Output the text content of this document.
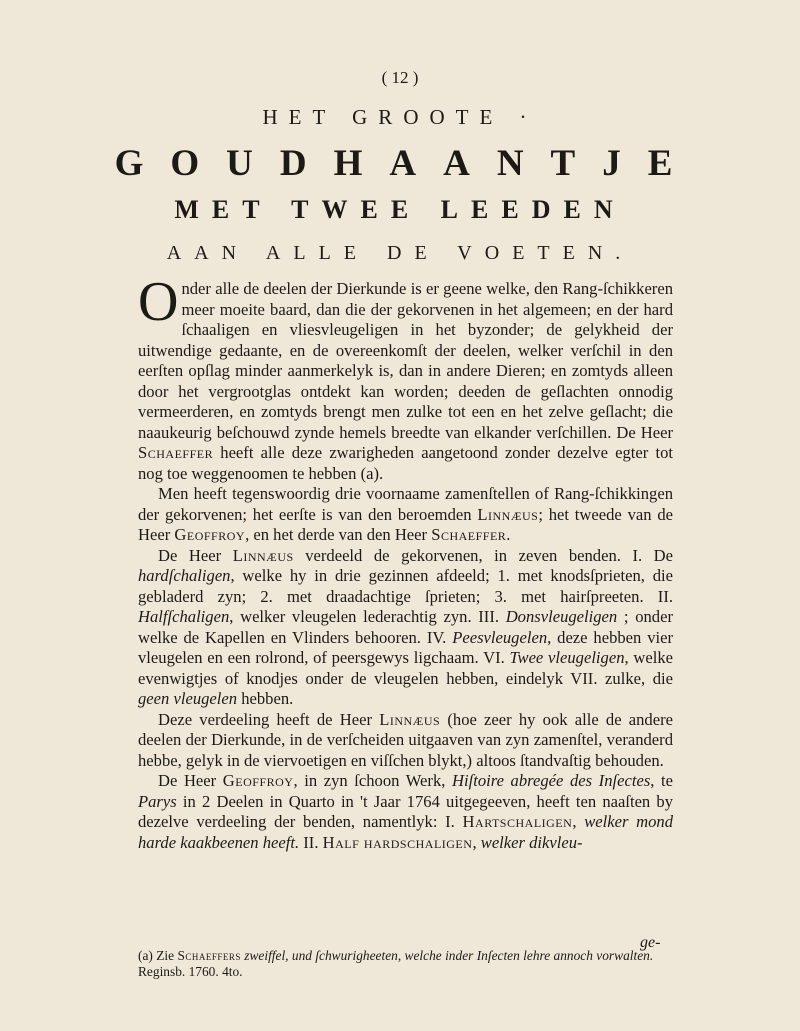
( 12 )
HET GROOTE ·
GOUDHAANTJE
MET TWEE LEEDEN
AAN ALLE DE VOETEN.

Onder alle de deelen der Dierkunde is er geene welke, den Rang-ſchikkeren meer moeite baard, dan die der gekorvenen in het algemeen; en der hard ſchaaligen en vliesvleugeligen in het byzonder; de gelykheid der uitwendige gedaante, en de overeenkomſt der deelen, welker verſchil in den eerſten opſlag minder aanmerkelyk is, dan in andere Dieren; en zomtyds alleen door het vergrootglas ontdekt kan worden; deeden de geſlachten onnodig vermeerderen, en zomtyds brengt men zulke tot een en het zelve geſlacht; die naaukeurig beſchouwd zynde hemels breedte van elkander verſchillen. De Heer Schaeffer heeft alle deze zwarigheden aangetoond zonder dezelve egter tot nog toe weggenoomen te hebben (a).

Men heeft tegenswoordig drie voornaame zamenſtellen of Rang-ſchikkingen der gekorvenen; het eerſte is van den beroemden Linnæus; het tweede van de Heer Geoffroy, en het derde van den Heer Schaeffer.

De Heer Linnæus verdeeld de gekorvenen, in zeven benden. I. De hardſchaligen, welke hy in drie gezinnen afdeeld; 1. met knodsſprieten, die gebladerd zyn; 2. met draadachtige ſprieten; 3. met hairſpreeten. II. Halfſchaligen, welker vleugelen lederachtig zyn. III. Donsvleugeligen ; onder welke de Kapellen en Vlinders behooren. IV. Peesvleugelen, deze hebben vier vleugelen en een rolrond, of peersgewys ligchaam. VI. Twee vleugeligen, welke evenwigtjes of knodjes onder de vleugelen hebben, eindelyk VII. zulke, die geen vleugelen hebben.

Deze verdeeling heeft de Heer Linnæus (hoe zeer hy ook alle de andere deelen der Dierkunde, in de verſcheiden uitgaaven van zyn zamenſtel, veranderd hebbe, gelyk in de viervoetigen en viſſchen blykt,) altoos ſtandvaſtig behouden.

De Heer Geoffroy, in zyn ſchoon Werk, Hiſtoire abregée des Inſectes, te Parys in 2 Deelen in Quarto in 't Jaar 1764 uitgegeeven, heeft ten naaſten by dezelve verdeeling der benden, namentlyk: I. Hartschaligen, welker mond harde kaakbeenen heeft. II. Half hardschaligen, welker dikvleu-

ge-

(a) Zie Schaeffers zweiffel, und ſchwurigheeten, welche inder Inſecten lehre annoch vorwalten. Reginsb. 1760. 4to.
